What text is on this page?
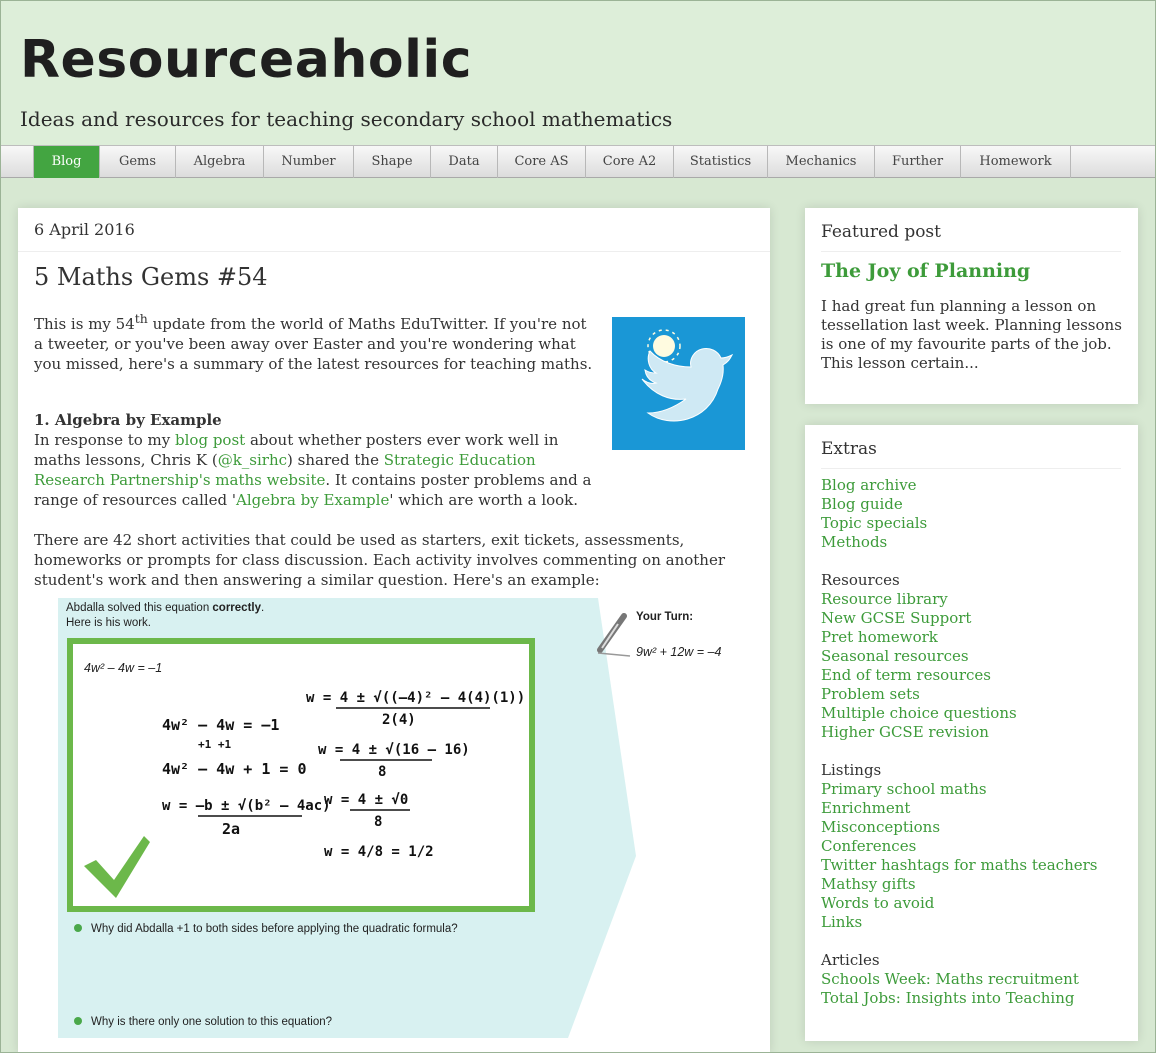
Resourceaholic
Ideas and resources for teaching secondary school mathematics
Blog	Gems	Algebra	Number	Shape	Data	Core AS	Core A2	Statistics	Mechanics	Further	Homework
6 April 2016
5 Maths Gems #54
This is my 54th update from the world of Maths EduTwitter. If you're not a tweeter, or you've been away over Easter and you're wondering what you missed, here's a summary of the latest resources for teaching maths.
1. Algebra by Example
In response to my blog post about whether posters ever work well in maths lessons, Chris K (@k_sirhc) shared the Strategic Education Research Partnership's maths website. It contains poster problems and a range of resources called 'Algebra by Example' which are worth a look.
There are 42 short activities that could be used as starters, exit tickets, assessments, homeworks or prompts for class discussion. Each activity involves commenting on another student's work and then answering a similar question. Here's an example:
Abdalla solved this equation correctly.
Here is his work.
4w² – 4w = –1
4w² – 4w = –1
+1 +1
4w² – 4w + 1 = 0
w = –b ± √(b² – 4ac)
2a
w = 4 ± √((–4)² – 4(4)(1))
2(4)
w = 4 ± √(16 – 16)
8
w = 4 ± √0
8
w = 4/8 = 1/2
Why did Abdalla +1 to both sides before applying the quadratic formula?
Why is there only one solution to this equation?
Your Turn:
9w² + 12w = –4
Featured post
The Joy of Planning
I had great fun planning a lesson on tessellation last week. Planning lessons is one of my favourite parts of the job. This lesson certain...
Extras
Blog archive
Blog guide
Topic specials
Methods
Resources
Resource library
New GCSE Support
Pret homework
Seasonal resources
End of term resources
Problem sets
Multiple choice questions
Higher GCSE revision
Listings
Primary school maths
Enrichment
Misconceptions
Conferences
Twitter hashtags for maths teachers
Mathsy gifts
Words to avoid
Links
Articles
Schools Week: Maths recruitment
Total Jobs: Insights into Teaching
